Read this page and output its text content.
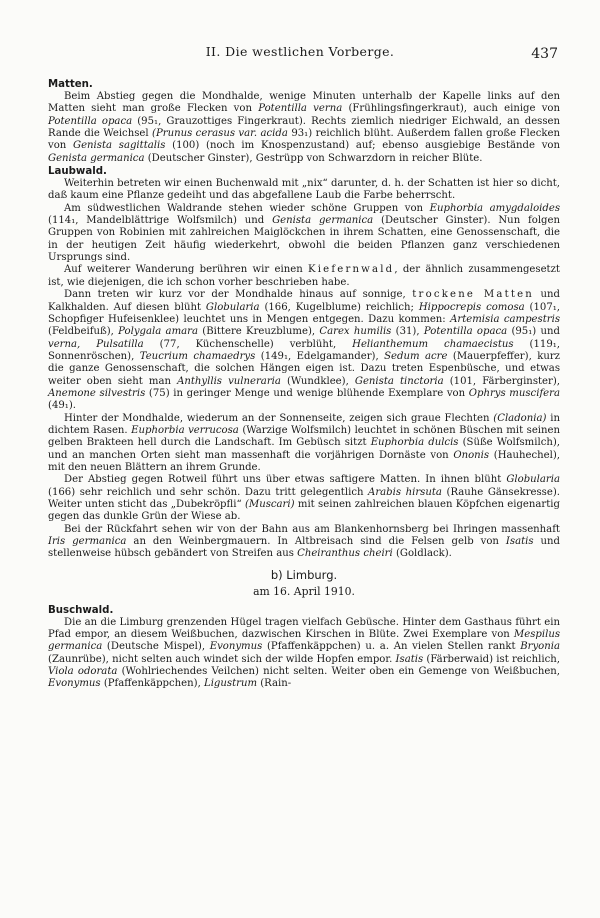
II. Die westlichen Vorberge.	437
Matten.

Beim Abstieg gegen die Mondhalde, wenige Minuten unterhalb der Kapelle links auf den Matten sieht man große Flecken von Potentilla verna (Frühlingsfingerkraut), auch einige von Potentilla opaca (95₁, Grauzottiges Fingerkraut). Rechts ziemlich niedriger Eichwald, an dessen Rande die Weichsel (Prunus cerasus var. acida 93₁) reichlich blüht. Außerdem fallen große Flecken von Genista sagittalis (100) (noch im Knospenzustand) auf; ebenso ausgiebige Bestände von Genista germanica (Deutscher Ginster), Gestrüpp von Schwarzdorn in reicher Blüte.

Laubwald.

Weiterhin betreten wir einen Buchenwald mit „nix“ darunter, d. h. der Schatten ist hier so dicht, daß kaum eine Pflanze gedeiht und das abgefallene Laub die Farbe beherrscht.

Am südwestlichen Waldrande stehen wieder schöne Gruppen von Euphorbia amygdaloides (114₁, Mandelblättrige Wolfsmilch) und Genista germanica (Deutscher Ginster). Nun folgen Gruppen von Robinien mit zahlreichen Maiglöckchen in ihrem Schatten, eine Genossenschaft, die in der heutigen Zeit häufig wiederkehrt, obwohl die beiden Pflanzen ganz verschiedenen Ursprungs sind.

Auf weiterer Wanderung berühren wir einen Kiefernwald, der ähnlich zusammengesetzt ist, wie diejenigen, die ich schon vorher beschrieben habe.

Dann treten wir kurz vor der Mondhalde hinaus auf sonnige, trockene Matten und Kalkhalden. Auf diesen blüht Globularia (166, Kugelblume) reichlich; Hippocrepis comosa (107₁, Schopfiger Hufeisenklee) leuchtet uns in Mengen entgegen. Dazu kommen: Artemisia campestris (Feldbeifuß), Polygala amara (Bittere Kreuzblume), Carex humilis (31), Potentilla opaca (95₁) und verna, Pulsatilla (77, Küchenschelle) verblüht, Helianthemum chamaecistus (119₁, Sonnenröschen), Teucrium chamaedrys (149₁, Edelgamander), Sedum acre (Mauerpfeffer), kurz die ganze Genossenschaft, die solchen Hängen eigen ist. Dazu treten Espenbüsche, und etwas weiter oben sieht man Anthyllis vulneraria (Wundklee), Genista tinctoria (101, Färberginster), Anemone silvestris (75) in geringer Menge und wenige blühende Exemplare von Ophrys muscifera (49₁).

Hinter der Mondhalde, wiederum an der Sonnenseite, zeigen sich graue Flechten (Cladonia) in dichtem Rasen. Euphorbia verrucosa (Warzige Wolfsmilch) leuchtet in schönen Büschen mit seinen gelben Brakteen hell durch die Landschaft. Im Gebüsch sitzt Euphorbia dulcis (Süße Wolfsmilch), und an manchen Orten sieht man massenhaft die vorjährigen Dornäste von Ononis (Hauhechel), mit den neuen Blättern an ihrem Grunde.

Der Abstieg gegen Rotweil führt uns über etwas saftigere Matten. In ihnen blüht Globularia (166) sehr reichlich und sehr schön. Dazu tritt gelegentlich Arabis hirsuta (Rauhe Gänsekresse). Weiter unten sticht das „Dubekröpfli“ (Muscari) mit seinen zahlreichen blauen Köpfchen eigenartig gegen das dunkle Grün der Wiese ab.

Bei der Rückfahrt sehen wir von der Bahn aus am Blankenhornsberg bei Ihringen massenhaft Iris germanica an den Weinbergmauern. In Altbreisach sind die Felsen gelb von Isatis und stellenweise hübsch gebändert von Streifen aus Cheiranthus cheiri (Goldlack).

b) Limburg.
am 16. April 1910.
Buschwald.

Die an die Limburg grenzenden Hügel tragen vielfach Gebüsche. Hinter dem Gasthaus führt ein Pfad empor, an diesem Weißbuchen, dazwischen Kirschen in Blüte. Zwei Exemplare von Mespilus germanica (Deutsche Mispel), Evonymus (Pfaffenkäppchen) u. a. An vielen Stellen rankt Bryonia (Zaunrübe), nicht selten auch windet sich der wilde Hopfen empor. Isatis (Färberwaid) ist reichlich, Viola odorata (Wohlriechendes Veilchen) nicht selten. Weiter oben ein Gemenge von Weißbuchen, Evonymus (Pfaffenkäppchen), Ligustrum (Rain-
